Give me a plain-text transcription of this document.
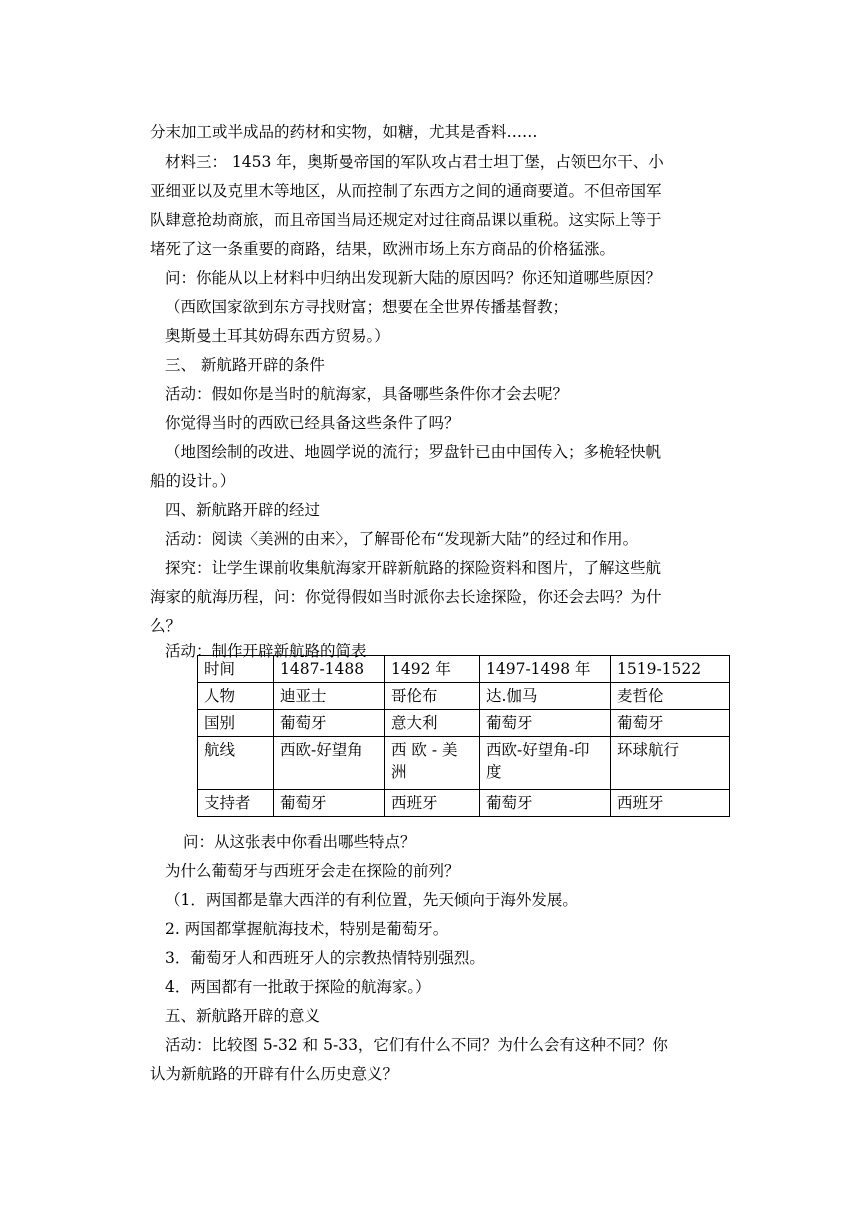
分末加工或半成品的药材和实物，如糖，尤其是香料……
材料三： 1453 年，奥斯曼帝国的军队攻占君士坦丁堡，占领巴尔干、小
亚细亚以及克里木等地区，从而控制了东西方之间的通商要道。不但帝国军
队肆意抢劫商旅，而且帝国当局还规定对过往商品课以重税。这实际上等于
堵死了这一条重要的商路，结果，欧洲市场上东方商品的价格猛涨。
问：你能从以上材料中归纳出发现新大陆的原因吗？你还知道哪些原因？
（西欧国家欲到东方寻找财富；想要在全世界传播基督教；
奥斯曼土耳其妨碍东西方贸易。）
三、 新航路开辟的条件
活动：假如你是当时的航海家，具备哪些条件你才会去呢？
你觉得当时的西欧已经具备这些条件了吗？
（地图绘制的改进、地圆学说的流行；罗盘针已由中国传入；多桅轻快帆
船的设计。）
四、新航路开辟的经过
活动：阅读〈美洲的由来〉，了解哥伦布“发现新大陆”的经过和作用。
探究：让学生课前收集航海家开辟新航路的探险资料和图片，了解这些航
海家的航海历程，问：你觉得假如当时派你去长途探险，你还会去吗？为什
么？
活动：制作开辟新航路的简表
时间	1487-1488	1492 年	1497-1498 年	1519-1522
人物	迪亚士	哥伦布	达.伽马	麦哲伦
国别	葡萄牙	意大利	葡萄牙	葡萄牙
航线	西欧-好望角	西 欧 - 美洲	西欧-好望角-印度	环球航行
支持者	葡萄牙	西班牙	葡萄牙	西班牙
问：从这张表中你看出哪些特点？
为什么葡萄牙与西班牙会走在探险的前列？
（1．两国都是靠大西洋的有利位置，先天倾向于海外发展。
2. 两国都掌握航海技术，特别是葡萄牙。
3．葡萄牙人和西班牙人的宗教热情特别强烈。
4．两国都有一批敢于探险的航海家。）
五、新航路开辟的意义
活动：比较图 5-32 和 5-33，它们有什么不同？为什么会有这种不同？你
认为新航路的开辟有什么历史意义？
